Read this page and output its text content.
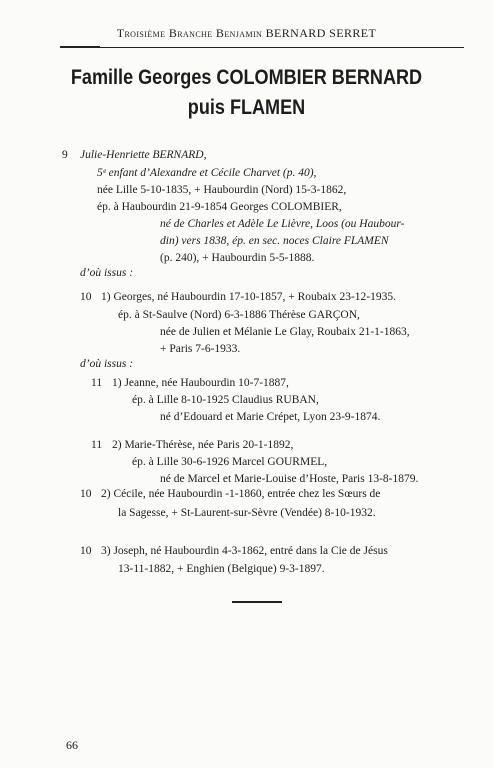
Troisième Branche Benjamin BERNARD SERRET
Famille Georges COLOMBIER BERNARD
puis FLAMEN
9 Julie-Henriette BERNARD,
5ᵉ enfant d’Alexandre et Cécile Charvet (p. 40),
née Lille 5-10-1835, + Haubourdin (Nord) 15-3-1862,
ép. à Haubourdin 21-9-1854 Georges COLOMBIER,
né de Charles et Adèle Le Lièvre, Loos (ou Haubour-
din) vers 1838, ép. en sec. noces Claire FLAMEN
(p. 240), + Haubourdin 5-5-1888.
d’où issus :
10 1) Georges, né Haubourdin 17-10-1857, + Roubaix 23-12-1935.
ép. à St-Saulve (Nord) 6-3-1886 Thérèse GARÇON,
née de Julien et Mélanie Le Glay, Roubaix 21-1-1863,
+ Paris 7-6-1933.
d’où issus :
11 1) Jeanne, née Haubourdin 10-7-1887,
ép. à Lille 8-10-1925 Claudius RUBAN,
né d’Edouard et Marie Crépet, Lyon 23-9-1874.
11 2) Marie-Thérèse, née Paris 20-1-1892,
ép. à Lille 30-6-1926 Marcel GOURMEL,
né de Marcel et Marie-Louise d’Hoste, Paris 13-8-1879.
10 2) Cécile, née Haubourdin -1-1860, entrée chez les Sœurs de
la Sagesse, + St-Laurent-sur-Sèvre (Vendée) 8-10-1932.
10 3) Joseph, né Haubourdin 4-3-1862, entré dans la Cie de Jésus
13-11-1882, + Enghien (Belgique) 9-3-1897.
66
